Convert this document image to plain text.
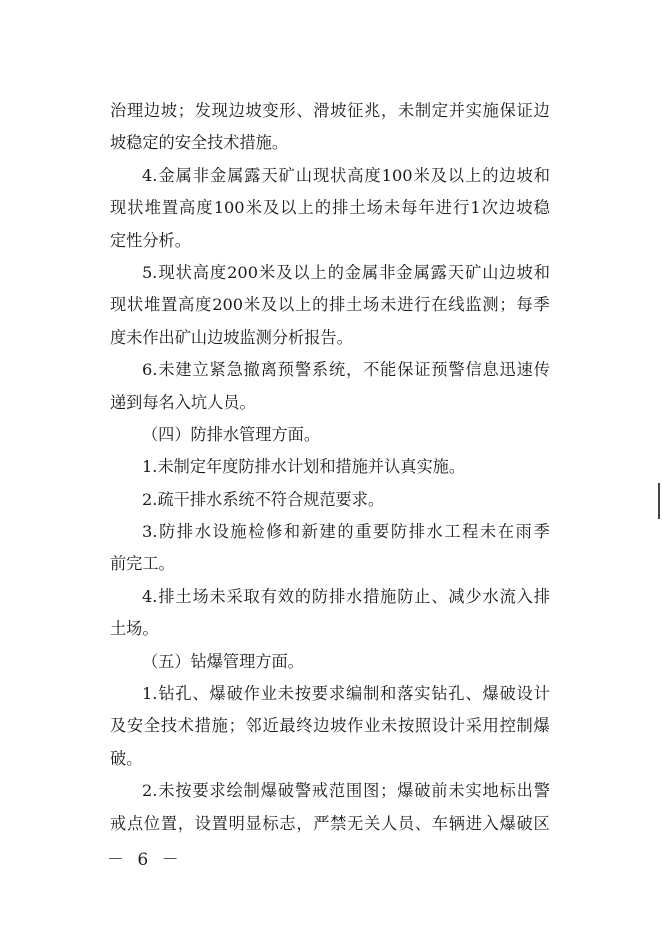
治 理 边 坡 ； 发 现 边 坡 变 形 、 滑 坡 征 兆 ， 未 制 定 并 实 施 保 证 边
坡稳定的安全技术措施。
4. 金 属 非 金 属 露 天 矿 山 现 状 高 度 100 米 及 以 上 的 边 坡 和
现 状 堆 置 高 度 100 米 及 以 上 的 排 土 场 未 每 年 进 行 1 次 边 坡 稳
定性分析。
5. 现 状 高 度 200 米 及 以 上 的 金 属 非 金 属 露 天 矿 山 边 坡 和
现 状 堆 置 高 度 200 米 及 以 上 的 排 土 场 未 进 行 在 线 监 测 ； 每 季
度未作出矿山边坡监测分析报告。
6. 未 建 立 紧 急 撤 离 预 警 系 统 ， 不 能 保 证 预 警 信 息 迅 速 传
递到每名入坑人员。
（四）防排水管理方面。
1.未制定年度防排水计划和措施并认真实施。
2.疏干排水系统不符合规范要求。
3. 防 排 水 设 施 检 修 和 新 建 的 重 要 防 排 水 工 程 未 在 雨 季
前完工。
4. 排 土 场 未 采 取 有 效 的 防 排 水 措 施 防 止 、 减 少 水 流 入 排
土场。
（五）钻爆管理方面。
1. 钻 孔 、 爆 破 作 业 未 按 要 求 编 制 和 落 实 钻 孔 、 爆 破 设 计
及 安 全 技 术 措 施 ； 邻 近 最 终 边 坡 作 业 未 按 照 设 计 采 用 控 制 爆
破。
2. 未 按 要 求 绘 制 爆 破 警 戒 范 围 图 ； 爆 破 前 未 实 地 标 出 警
戒 点 位 置 ， 设 置 明 显 标 志 ， 严 禁 无 关 人 员 、 车 辆 进 入 爆 破 区
－ 6 －
